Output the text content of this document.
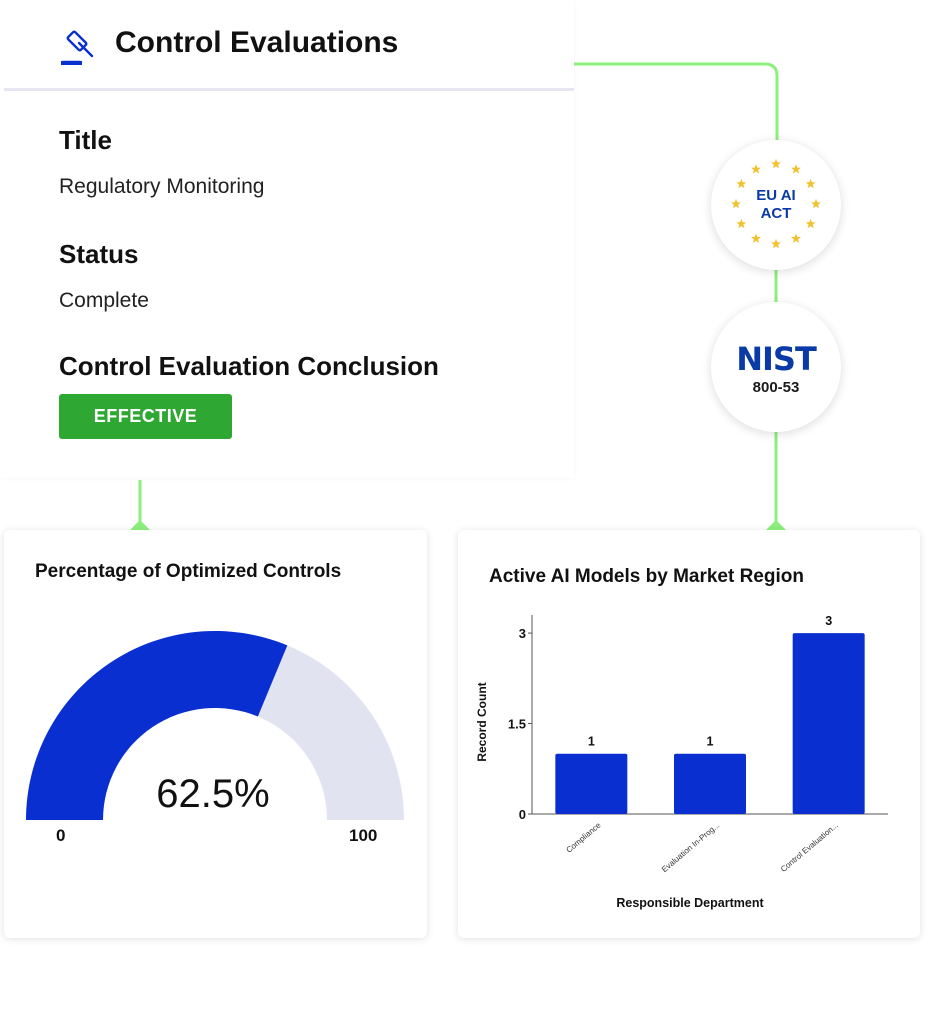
Control Evaluations
Title
Regulatory Monitoring
Status
Complete
Control Evaluation Conclusion
EFFECTIVE
EU AI
ACT
NIST
800-53
Percentage of Optimized Controls
62.5%
0	100
Active AI Models by Market Region
Record Count
Responsible Department
0
1.5
3
1
Compliance
1
Evaluation In-Prog...
3
Control Evaluation...
